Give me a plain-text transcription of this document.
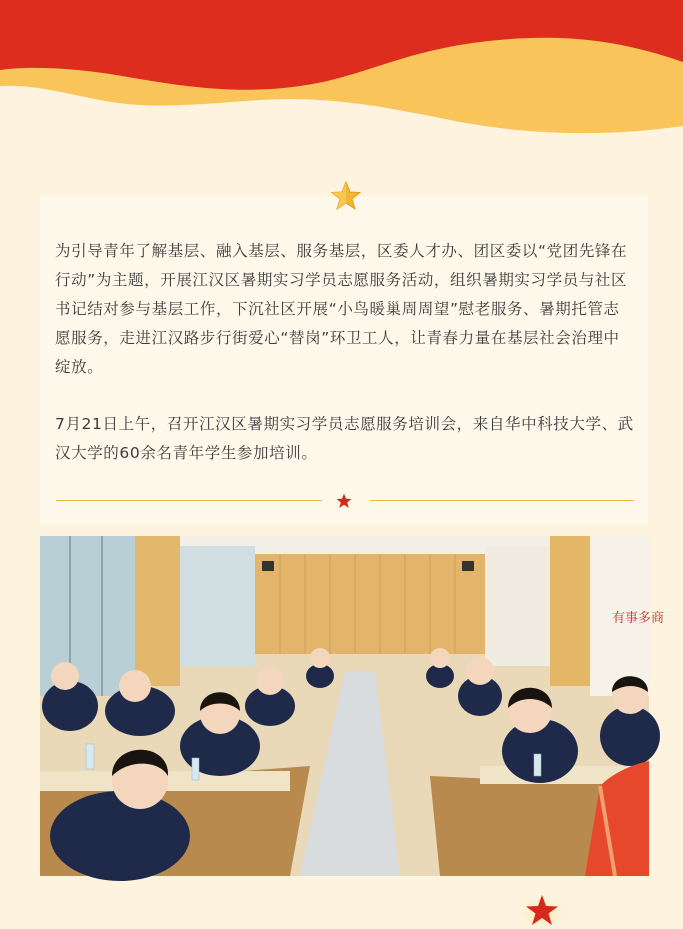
为引导青年了解基层、融入基层、服务基层，区委人才办、团区委以“党团先锋在行动”为主题，开展江汉区暑期实习学员志愿服务活动，组织暑期实习学员与社区书记结对参与基层工作，下沉社区开展“小鸟暖巢周周望”慰老服务、暑期托管志愿服务，走进江汉路步行街爱心“替岗”环卫工人，让青春力量在基层社会治理中绽放。

7月21日上午，召开江汉区暑期实习学员志愿服务培训会，来自华中科技大学、武汉大学的60余名青年学生参加培训。

有事多商
